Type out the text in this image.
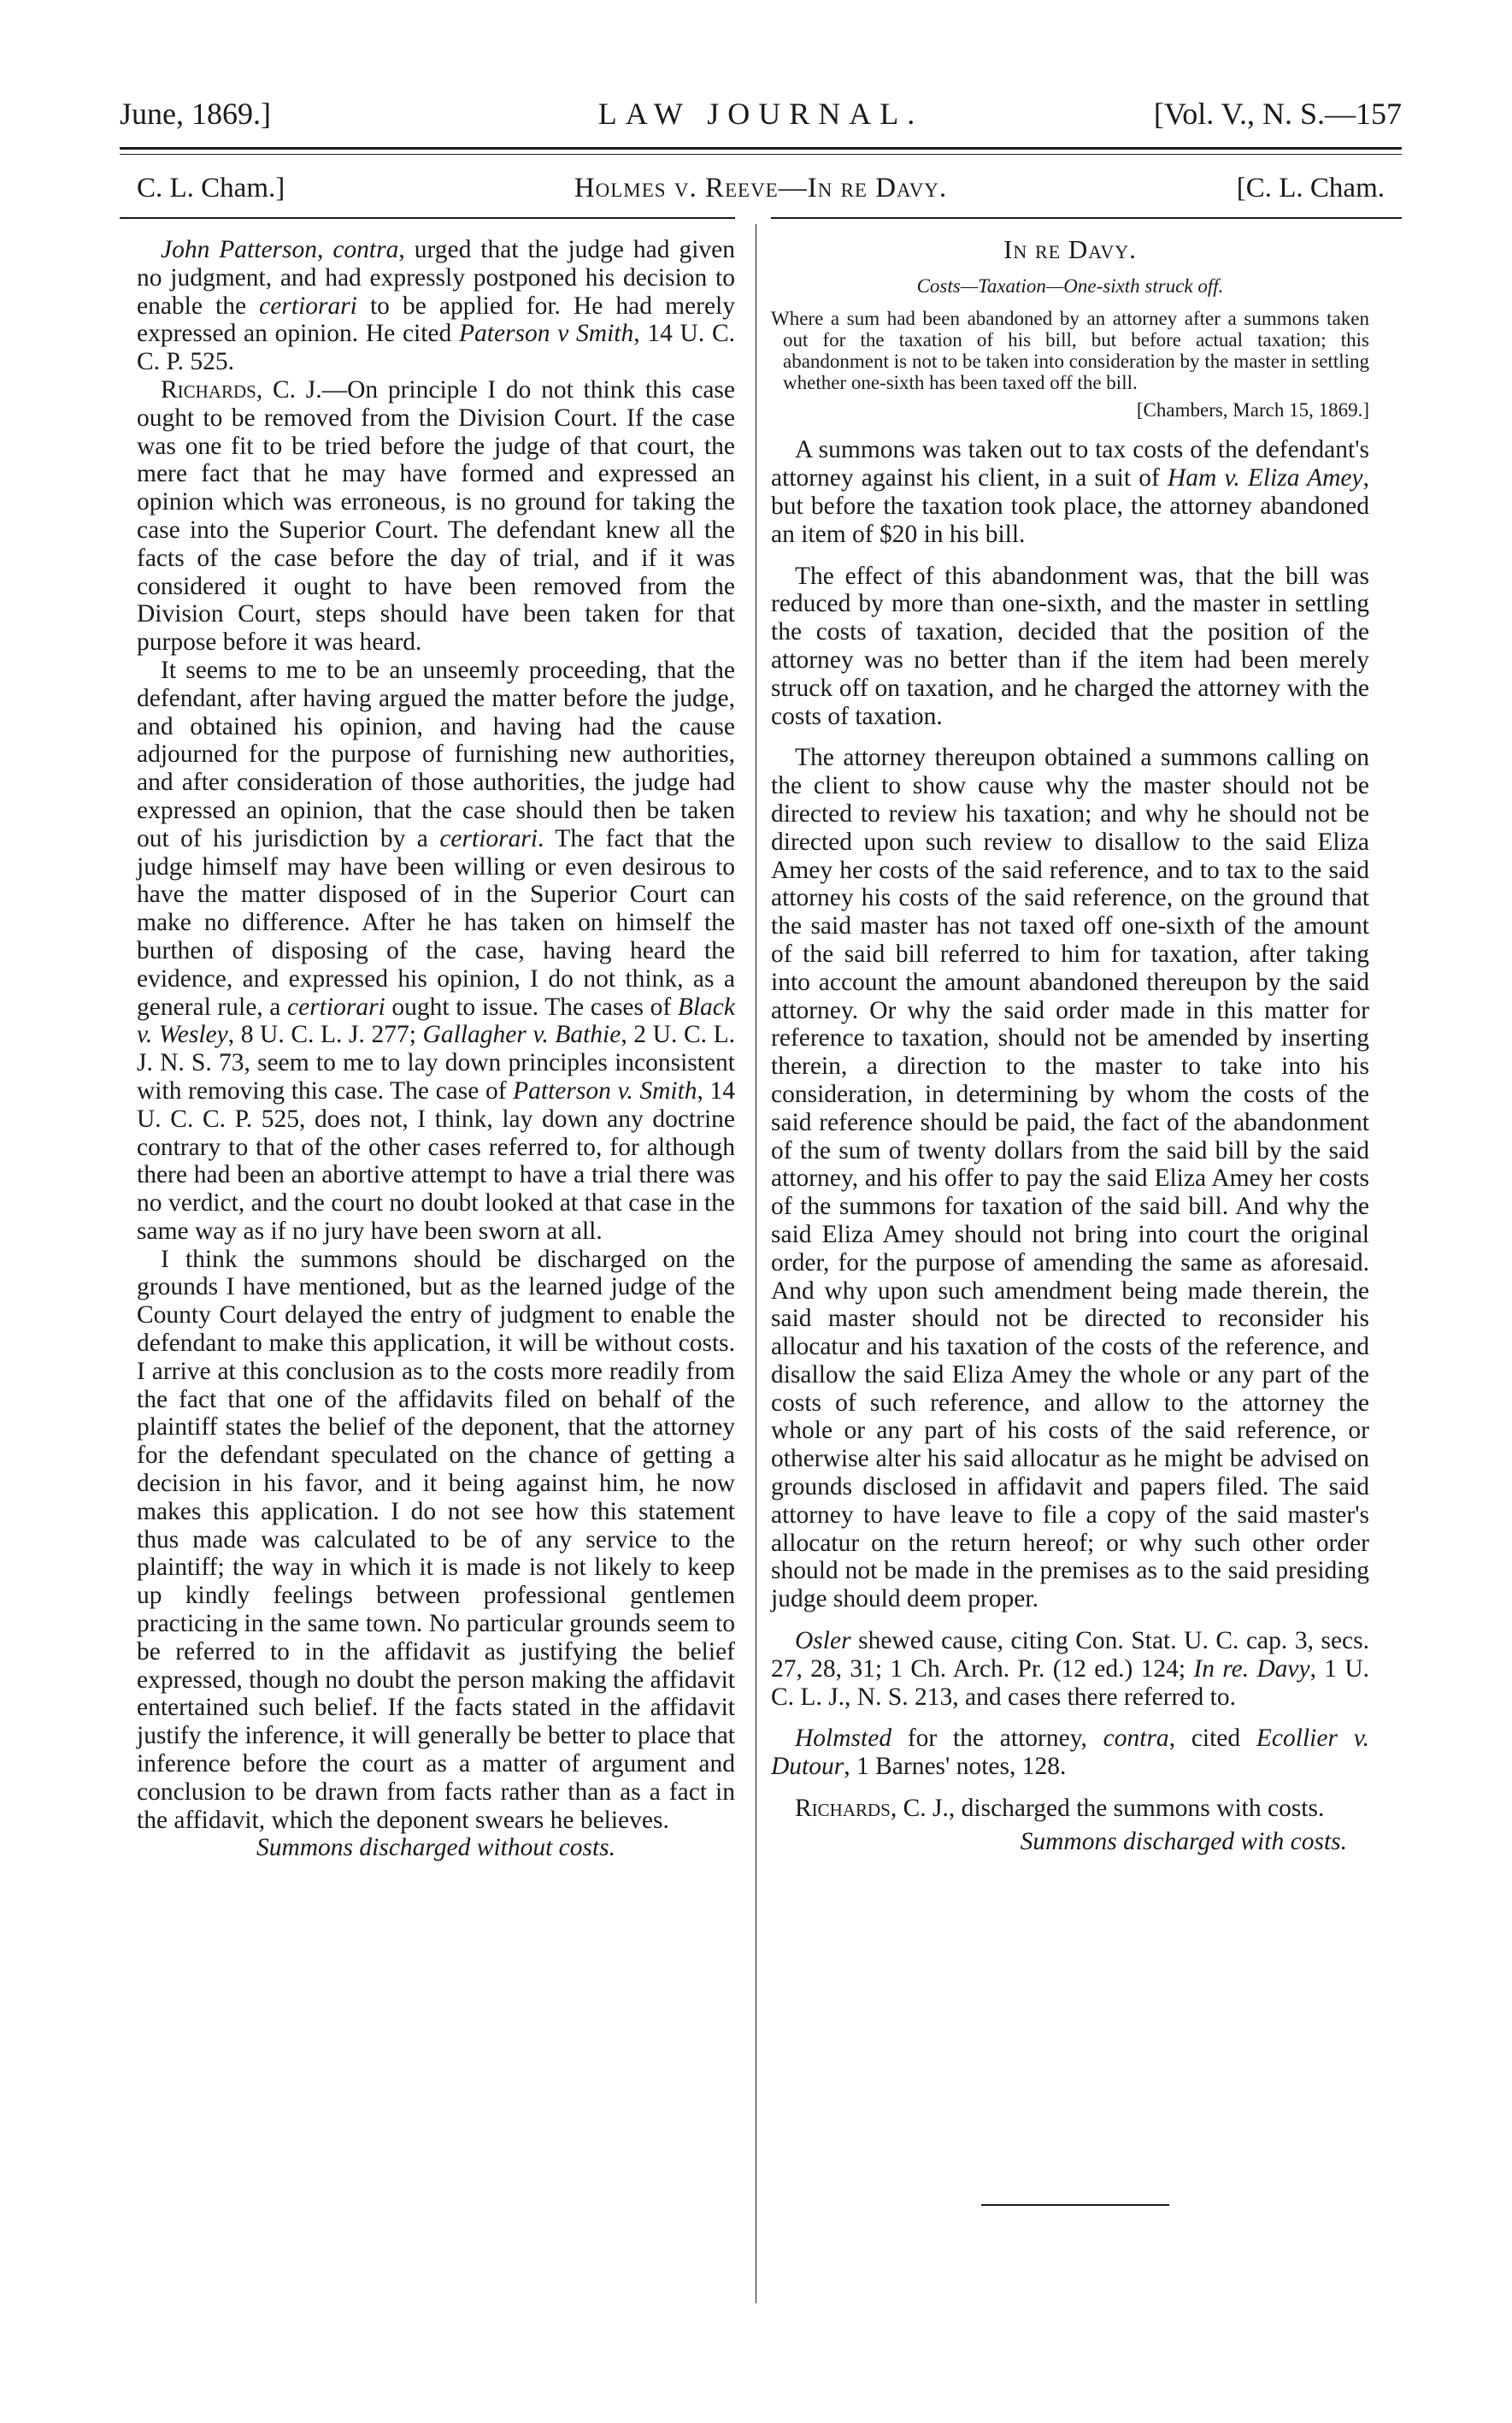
June, 1869.]	LAW JOURNAL.	[Vol. V., N. S.—157
C. L. Cham.]	Holmes v. Reeve—In re Davy.	[C. L. Cham.

John Patterson, contra, urged that the judge had given no judgment, and had expressly postponed his decision to enable the certiorari to be applied for. He had merely expressed an opinion. He cited Paterson v Smith, 14 U. C. C. P. 525.

Richards, C. J.—On principle I do not think this case ought to be removed from the Division Court. If the case was one fit to be tried before the judge of that court, the mere fact that he may have formed and expressed an opinion which was erroneous, is no ground for taking the case into the Superior Court. The defendant knew all the facts of the case before the day of trial, and if it was considered it ought to have been removed from the Division Court, steps should have been taken for that purpose before it was heard.

It seems to me to be an unseemly proceeding, that the defendant, after having argued the matter before the judge, and obtained his opinion, and having had the cause adjourned for the purpose of furnishing new authorities, and after consideration of those authorities, the judge had expressed an opinion, that the case should then be taken out of his jurisdiction by a certiorari. The fact that the judge himself may have been willing or even desirous to have the matter disposed of in the Superior Court can make no difference. After he has taken on himself the burthen of disposing of the case, having heard the evidence, and expressed his opinion, I do not think, as a general rule, a certiorari ought to issue. The cases of Black v. Wesley, 8 U. C. L. J. 277; Gallagher v. Bathie, 2 U. C. L. J. N. S. 73, seem to me to lay down principles inconsistent with removing this case. The case of Patterson v. Smith, 14 U. C. C. P. 525, does not, I think, lay down any doctrine contrary to that of the other cases referred to, for although there had been an abortive attempt to have a trial there was no verdict, and the court no doubt looked at that case in the same way as if no jury have been sworn at all.

I think the summons should be discharged on the grounds I have mentioned, but as the learned judge of the County Court delayed the entry of judgment to enable the defendant to make this application, it will be without costs. I arrive at this conclusion as to the costs more readily from the fact that one of the affidavits filed on behalf of the plaintiff states the belief of the deponent, that the attorney for the defendant speculated on the chance of getting a decision in his favor, and it being against him, he now makes this application. I do not see how this statement thus made was calculated to be of any service to the plaintiff; the way in which it is made is not likely to keep up kindly feelings between professional gentlemen practicing in the same town. No particular grounds seem to be referred to in the affidavit as justifying the belief expressed, though no doubt the person making the affidavit entertained such belief. If the facts stated in the affidavit justify the inference, it will generally be better to place that inference before the court as a matter of argument and conclusion to be drawn from facts rather than as a fact in the affidavit, which the deponent swears he believes.

Summons discharged without costs.

In re Davy.
Costs—Taxation—One-sixth struck off.
Where a sum had been abandoned by an attorney after a summons taken out for the taxation of his bill, but before actual taxation; this abandonment is not to be taken into consideration by the master in settling whether one-sixth has been taxed off the bill.
[Chambers, March 15, 1869.]

A summons was taken out to tax costs of the defendant's attorney against his client, in a suit of Ham v. Eliza Amey, but before the taxation took place, the attorney abandoned an item of $20 in his bill.

The effect of this abandonment was, that the bill was reduced by more than one-sixth, and the master in settling the costs of taxation, decided that the position of the attorney was no better than if the item had been merely struck off on taxation, and he charged the attorney with the costs of taxation.

The attorney thereupon obtained a summons calling on the client to show cause why the master should not be directed to review his taxation; and why he should not be directed upon such review to disallow to the said Eliza Amey her costs of the said reference, and to tax to the said attorney his costs of the said reference, on the ground that the said master has not taxed off one-sixth of the amount of the said bill referred to him for taxation, after taking into account the amount abandoned thereupon by the said attorney. Or why the said order made in this matter for reference to taxation, should not be amended by inserting therein, a direction to the master to take into his consideration, in determining by whom the costs of the said reference should be paid, the fact of the abandonment of the sum of twenty dollars from the said bill by the said attorney, and his offer to pay the said Eliza Amey her costs of the summons for taxation of the said bill. And why the said Eliza Amey should not bring into court the original order, for the purpose of amending the same as aforesaid. And why upon such amendment being made therein, the said master should not be directed to reconsider his allocatur and his taxation of the costs of the reference, and disallow the said Eliza Amey the whole or any part of the costs of such reference, and allow to the attorney the whole or any part of his costs of the said reference, or otherwise alter his said allocatur as he might be advised on grounds disclosed in affidavit and papers filed. The said attorney to have leave to file a copy of the said master's allocatur on the return hereof; or why such other order should not be made in the premises as to the said presiding judge should deem proper.

Osler shewed cause, citing Con. Stat. U. C. cap. 3, secs. 27, 28, 31; 1 Ch. Arch. Pr. (12 ed.) 124; In re. Davy, 1 U. C. L. J., N. S. 213, and cases there referred to.

Holmsted for the attorney, contra, cited Ecollier v. Dutour, 1 Barnes' notes, 128.

Richards, C. J., discharged the summons with costs.

Summons discharged with costs.
